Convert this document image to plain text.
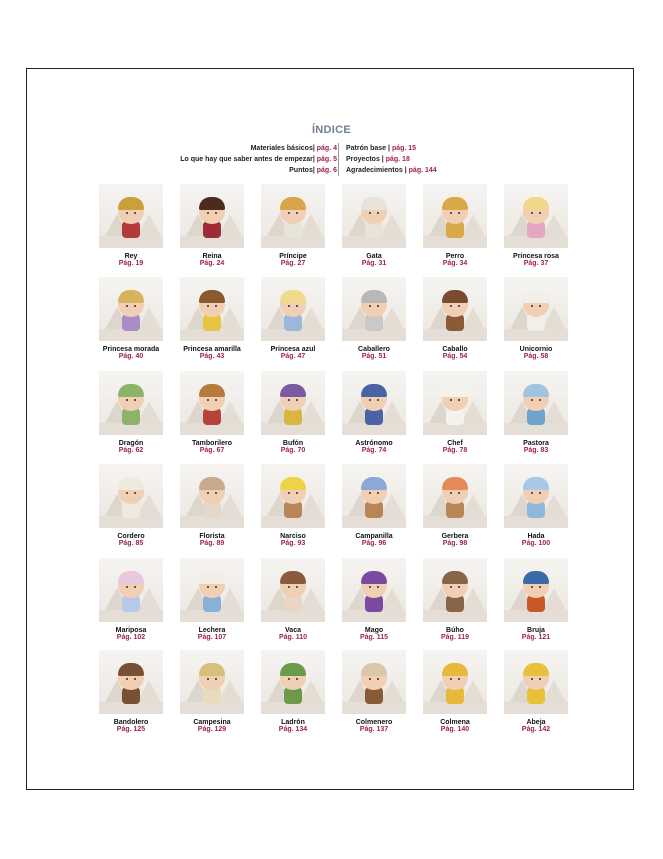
ÍNDICE
Materiales básicos| pág. 4
Lo que hay que saber antes de empezar| pág. 5
Puntos| pág. 6
Patrón base | pág. 15
Proyectos | pág. 18
Agradecimientos | pág. 144
Rey
Pág. 19
Reina
Pág. 24
Príncipe
Pág. 27
Gata
Pág. 31
Perro
Pág. 34
Princesa rosa
Pág. 37
Princesa morada
Pág. 40
Princesa amarilla
Pág. 43
Princesa azul
Pág. 47
Caballero
Pág. 51
Caballo
Pág. 54
Unicornio
Pág. 58
Dragón
Pág. 62
Tamborilero
Pág. 67
Bufón
Pág. 70
Astrónomo
Pág. 74
Chef
Pág. 78
Pastora
Pág. 83
Cordero
Pág. 85
Florista
Pág. 89
Narciso
Pág. 93
Campanilla
Pág. 96
Gerbera
Pág. 98
Hada
Pág. 100
Mariposa
Pág. 102
Lechera
Pág. 107
Vaca
Pág. 110
Mago
Pág. 115
Búho
Pág. 119
Bruja
Pág. 121
Bandolero
Pág. 125
Campesina
Pág. 129
Ladrón
Pág. 134
Colmenero
Pág. 137
Colmena
Pág. 140
Abeja
Pág. 142
